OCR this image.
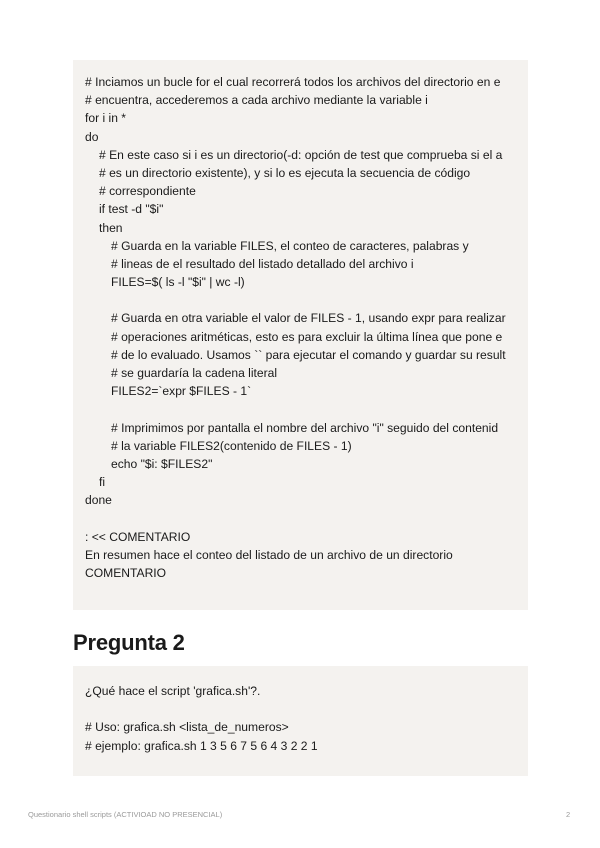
# Inciamos un bucle for el cual recorrerá todos los archivos del directorio en e
# encuentra, accederemos a cada archivo mediante la variable i
for i in *
do
# En este caso si i es un directorio(-d: opción de test que comprueba si el a
# es un directorio existente), y si lo es ejecuta la secuencia de código
# correspondiente
if test -d "$i"
then
# Guarda en la variable FILES, el conteo de caracteres, palabras y
# lineas de el resultado del listado detallado del archivo i
FILES=$( ls -l "$i" | wc -l)
# Guarda en otra variable el valor de FILES - 1, usando expr para realizar
# operaciones aritméticas, esto es para excluir la última línea que pone e
# de lo evaluado. Usamos `` para ejecutar el comando y guardar su result
# se guardaría la cadena literal
FILES2=`expr $FILES - 1`
# Imprimimos por pantalla el nombre del archivo "i" seguido del contenid
# la variable FILES2(contenido de FILES - 1)
echo "$i: $FILES2"
fi
done
: << COMENTARIO
En resumen hace el conteo del listado de un archivo de un directorio
COMENTARIO
Pregunta 2
¿Qué hace el script 'grafica.sh'?.
# Uso: grafica.sh <lista_de_numeros>
# ejemplo: grafica.sh 1 3 5 6 7 5 6 4 3 2 2 1
Questionario shell scripts (ACTIVIOAD NO PRESENCIAL)	2
